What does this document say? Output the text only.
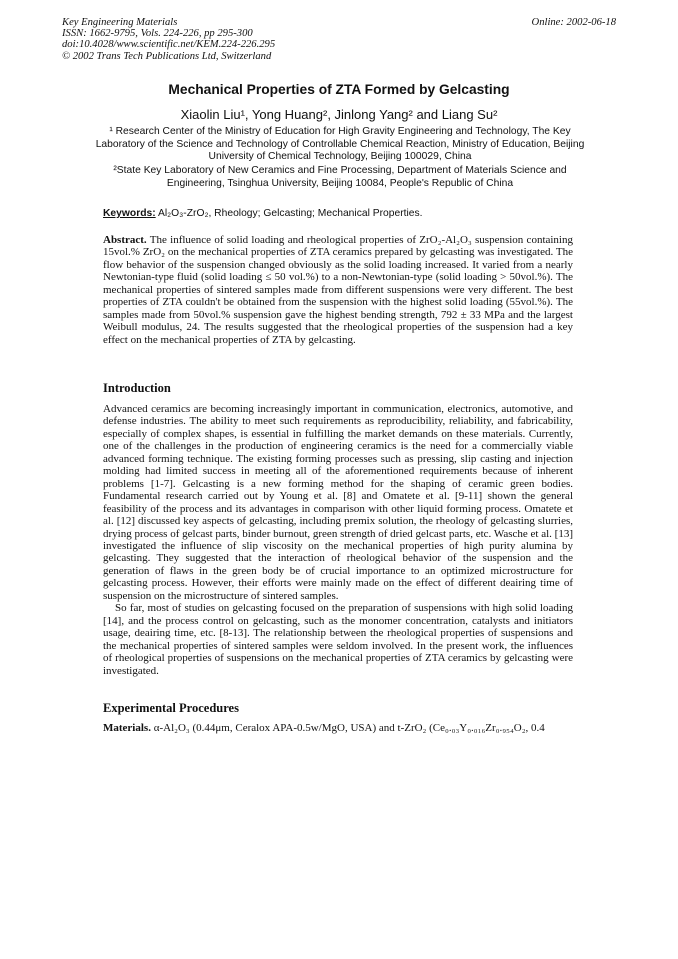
Key Engineering Materials
ISSN: 1662-9795, Vols. 224-226, pp 295-300
doi:10.4028/www.scientific.net/KEM.224-226.295
© 2002 Trans Tech Publications Ltd, Switzerland
Online: 2002-06-18
Mechanical Properties of ZTA Formed by Gelcasting
Xiaolin Liu¹, Yong Huang², Jinlong Yang² and Liang Su²
¹ Research Center of the Ministry of Education for High Gravity Engineering and Technology, The Key Laboratory of the Science and Technology of Controllable Chemical Reaction, Ministry of Education, Beijing University of Chemical Technology, Beijing 100029, China
²State Key Laboratory of New Ceramics and Fine Processing, Department of Materials Science and Engineering, Tsinghua University, Beijing 10084, People's Republic of China
Keywords: Al₂O₃-ZrO₂, Rheology; Gelcasting; Mechanical Properties.
Abstract. The influence of solid loading and rheological properties of ZrO₂-Al₂O₃ suspension containing 15vol.% ZrO₂ on the mechanical properties of ZTA ceramics prepared by gelcasting was investigated. The flow behavior of the suspension changed obviously as the solid loading increased. It varied from a nearly Newtonian-type fluid (solid loading ≤ 50 vol.%) to a non-Newtonian-type (solid loading > 50vol.%). The mechanical properties of sintered samples made from different suspensions were very different. The best properties of ZTA couldn't be obtained from the suspension with the highest solid loading (55vol.%). The samples made from 50vol.% suspension gave the highest bending strength, 792 ± 33 MPa and the largest Weibull modulus, 24. The results suggested that the rheological properties of the suspension had a key effect on the mechanical properties of ZTA by gelcasting.
Introduction

Advanced ceramics are becoming increasingly important in communication, electronics, automotive, and defense industries. The ability to meet such requirements as reproducibility, reliability, and fabricability, especially of complex shapes, is essential in fulfilling the market demands on these materials. Currently, one of the challenges in the production of engineering ceramics is the need for a commercially viable advanced forming technique. The existing forming processes such as pressing, slip casting and injection molding had limited success in meeting all of the aforementioned requirements because of inherent problems [1-7]. Gelcasting is a new forming method for the shaping of ceramic green bodies. Fundamental research carried out by Young et al. [8] and Omatete et al. [9-11] shown the general feasibility of the process and its advantages in comparison with other liquid forming process. Omatete et al. [12] discussed key aspects of gelcasting, including premix solution, the rheology of gelcasting slurries, drying process of gelcast parts, binder burnout, green strength of dried gelcast parts, etc. Wasche et al. [13] investigated the influence of slip viscosity on the mechanical properties of high purity alumina by gelcasting. They suggested that the interaction of rheological behavior of the suspension and the generation of flaws in the green body be of crucial importance to an optimized microstructure for gelcasting process. However, their efforts were mainly made on the effect of different deairing time of suspension on the microstructure of sintered samples.

So far, most of studies on gelcasting focused on the preparation of suspensions with high solid loading [14], and the process control on gelcasting, such as the monomer concentration, catalysts and initiators usage, deairing time, etc. [8-13]. The relationship between the rheological properties of suspensions and the mechanical properties of sintered samples were seldom involved. In the present work, the influences of rheological properties of suspensions on the mechanical properties of ZTA ceramics by gelcasting were investigated.

Experimental Procedures
Materials. α-Al₂O₃ (0.44μm, Ceralox APA-0.5w/MgO, USA) and t-ZrO₂ (Ce₀.₀₃Y₀.₀₁₆Zr₀.₉₅₄O₂, 0.4
